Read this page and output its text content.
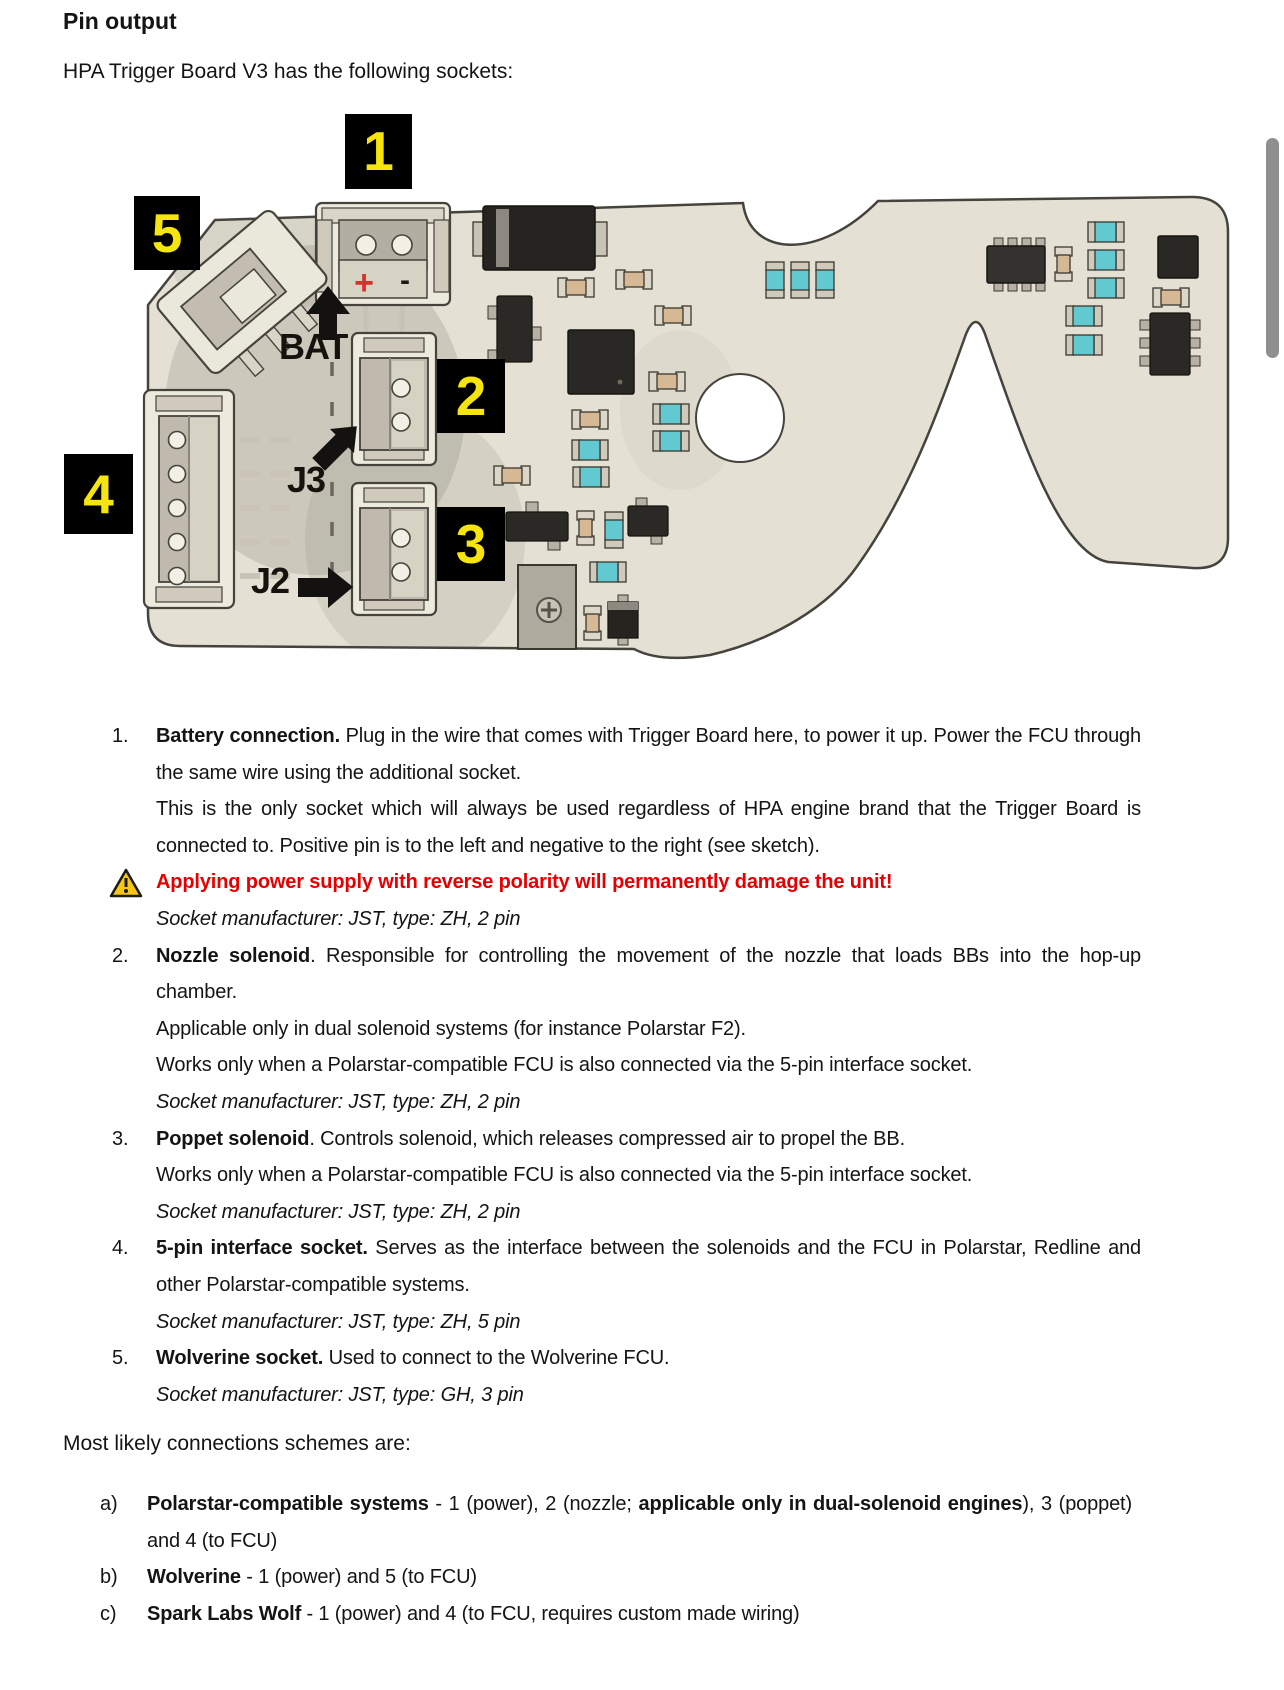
Pin output
HPA Trigger Board V3 has the following sockets:
+ -
1
5
4
2
3
BAT
J3
J2
1.	Battery connection. Plug in the wire that comes with Trigger Board here, to power it up. Power the FCU through the same wire using the additional socket.

This is the only socket which will always be used regardless of HPA engine brand that the Trigger Board is connected to. Positive pin is to the left and negative to the right (see sketch).

Applying power supply with reverse polarity will permanently damage the unit!

Socket manufacturer: JST, type: ZH, 2 pin

2.	Nozzle solenoid. Responsible for controlling the movement of the nozzle that loads BBs into the hop-up chamber.

Applicable only in dual solenoid systems (for instance Polarstar F2).

Works only when a Polarstar-compatible FCU is also connected via the 5-pin interface socket.

Socket manufacturer: JST, type: ZH, 2 pin

3.	Poppet solenoid. Controls solenoid, which releases compressed air to propel the BB.

Works only when a Polarstar-compatible FCU is also connected via the 5-pin interface socket.

Socket manufacturer: JST, type: ZH, 2 pin

4.	5-pin interface socket. Serves as the interface between the solenoids and the FCU in Polarstar, Redline and other Polarstar-compatible systems.

Socket manufacturer: JST, type: ZH, 5 pin

5.	Wolverine socket. Used to connect to the Wolverine FCU.

Socket manufacturer: JST, type: GH, 3 pin

Most likely connections schemes are:
a)	Polarstar-compatible systems - 1 (power), 2 (nozzle; applicable only in dual-solenoid engines), 3 (poppet) and 4 (to FCU)

b)	Wolverine - 1 (power) and 5 (to FCU)

c)	Spark Labs Wolf - 1 (power) and 4 (to FCU, requires custom made wiring)
